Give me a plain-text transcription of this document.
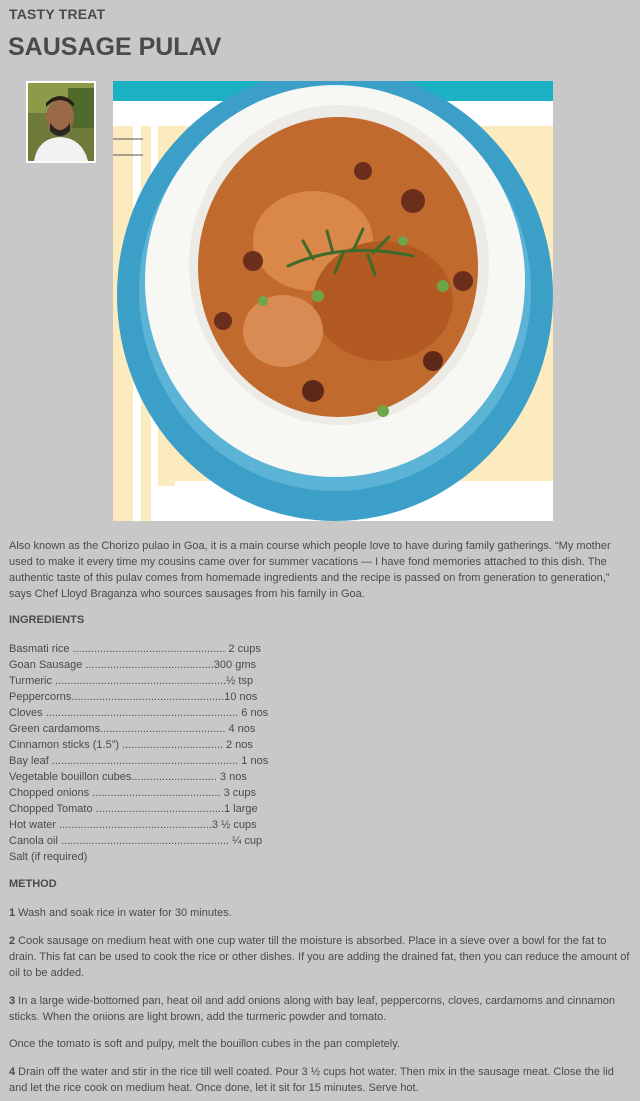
TASTY TREAT
SAUSAGE PULAV

Also known as the Chorizo pulao in Goa, it is a main course which people love to have during family gatherings. “My mother used to make it every time my cousins came over for summer vacations — I have fond memories attached to this dish. The authentic taste of this pulav comes from homemade ingredients and the recipe is passed on from generation to generation,” says Chef Lloyd Braganza who sources sausages from his family in Goa.

INGREDIENTS
Basmati rice .................................................. 2 cups
Goan Sausage ..........................................300 gms
Turmeric ........................................................½ tsp
Peppercorns..................................................10 nos
Cloves ............................................................... 6 nos
Green cardamoms......................................... 4 nos
Cinnamon sticks (1.5”) ................................. 2 nos
Bay leaf ............................................................. 1 nos
Vegetable bouillon cubes............................ 3 nos
Chopped onions .......................................... 3 cups
Chopped Tomato ..........................................1 large
Hot water ..................................................3 ½ cups
Canola oil ....................................................... ¼ cup
Salt (if required)
METHOD

1 Wash and soak rice in water for 30 minutes.

2 Cook sausage on medium heat with one cup water till the moisture is absorbed. Place in a sieve over a bowl for the fat to drain. This fat can be used to cook the rice or other dishes. If you are adding the drained fat, then you can reduce the amount of oil to be added.

3 In a large wide-bottomed pan, heat oil and add onions along with bay leaf, peppercorns, cloves, cardamoms and cinnamon sticks. When the onions are light brown, add the turmeric powder and tomato.

Once the tomato is soft and pulpy, melt the bouillon cubes in the pan completely.

4 Drain off the water and stir in the rice till well coated. Pour 3 ½ cups hot water. Then mix in the sausage meat. Close the lid and let the rice cook on medium heat. Once done, let it sit for 15 minutes. Serve hot.
